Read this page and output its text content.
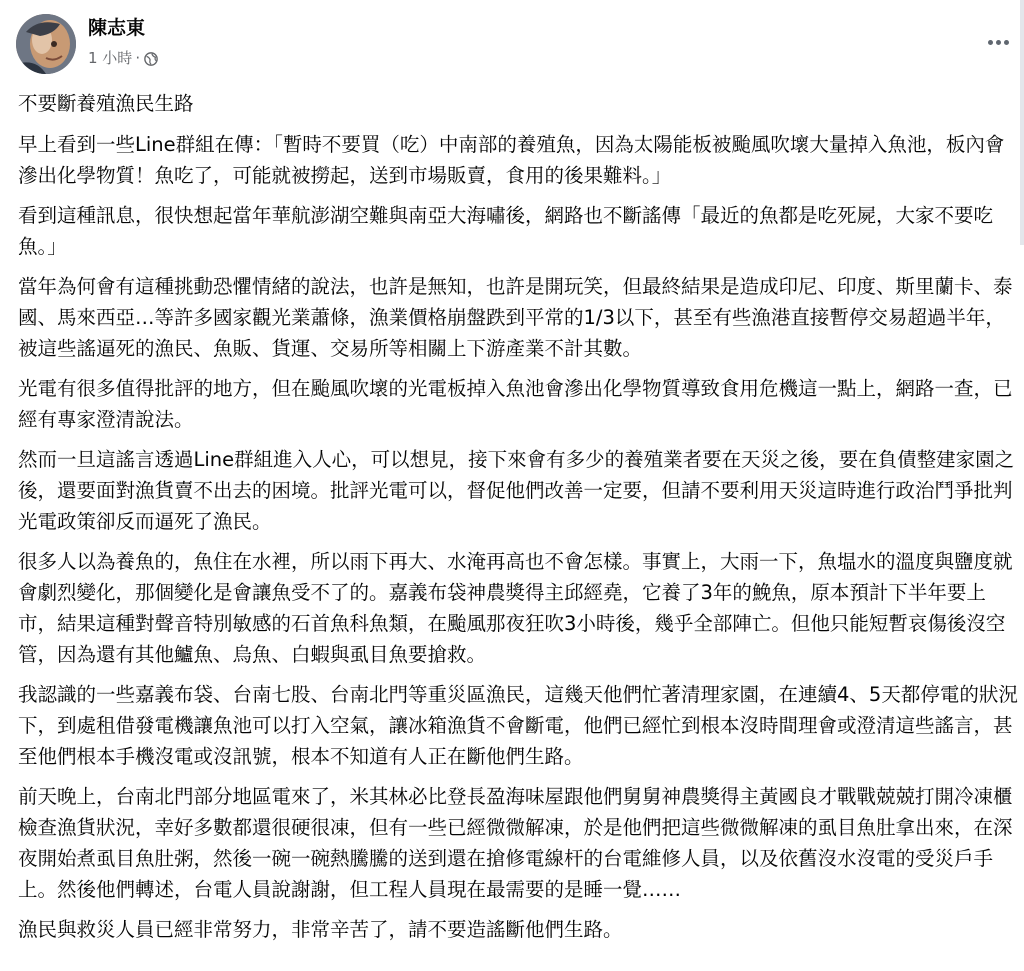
陳志東
1 小時 ·

不要斷養殖漁民生路

早上看到一些Line群組在傳：「暫時不要買（吃）中南部的養殖魚，因為太陽能板被颱風吹壞大量掉入魚池，板內會滲出化學物質！魚吃了，可能就被撈起，送到市場販賣，食用的後果難料。」

看到這種訊息，很快想起當年華航澎湖空難與南亞大海嘯後，網路也不斷謠傳「最近的魚都是吃死屍，大家不要吃魚。」

當年為何會有這種挑動恐懼情緒的說法，也許是無知，也許是開玩笑，但最終結果是造成印尼、印度、斯里蘭卡、泰國、馬來西亞…等許多國家觀光業蕭條，漁業價格崩盤跌到平常的1/3以下，甚至有些漁港直接暫停交易超過半年，被這些謠逼死的漁民、魚販、貨運、交易所等相關上下游產業不計其數。

光電有很多值得批評的地方，但在颱風吹壞的光電板掉入魚池會滲出化學物質導致食用危機這一點上，網路一查，已經有專家澄清說法。

然而一旦這謠言透過Line群組進入人心，可以想見，接下來會有多少的養殖業者要在天災之後，要在負債整建家園之後，還要面對漁貨賣不出去的困境。批評光電可以，督促他們改善一定要，但請不要利用天災這時進行政治鬥爭批判光電政策卻反而逼死了漁民。

很多人以為養魚的，魚住在水裡，所以雨下再大、水淹再高也不會怎樣。事實上，大雨一下，魚塭水的溫度與鹽度就會劇烈變化，那個變化是會讓魚受不了的。嘉義布袋神農獎得主邱經堯，它養了3年的鮸魚，原本預計下半年要上市，結果這種對聲音特別敏感的石首魚科魚類，在颱風那夜狂吹3小時後，幾乎全部陣亡。但他只能短暫哀傷後沒空管，因為還有其他鱸魚、烏魚、白蝦與虱目魚要搶救。

我認識的一些嘉義布袋、台南七股、台南北門等重災區漁民，這幾天他們忙著清理家園，在連續4、5天都停電的狀況下，到處租借發電機讓魚池可以打入空氣，讓冰箱漁貨不會斷電，他們已經忙到根本沒時間理會或澄清這些謠言，甚至他們根本手機沒電或沒訊號，根本不知道有人正在斷他們生路。

前天晚上，台南北門部分地區電來了，米其林必比登長盈海味屋跟他們舅舅神農獎得主黃國良才戰戰兢兢打開冷凍櫃檢查漁貨狀況，幸好多數都還很硬很凍，但有一些已經微微解凍，於是他們把這些微微解凍的虱目魚肚拿出來，在深夜開始煮虱目魚肚粥，然後一碗一碗熱騰騰的送到還在搶修電線杆的台電維修人員，以及依舊沒水沒電的受災戶手上。然後他們轉述，台電人員說謝謝，但工程人員現在最需要的是睡一覺……

漁民與救災人員已經非常努力，非常辛苦了，請不要造謠斷他們生路。
